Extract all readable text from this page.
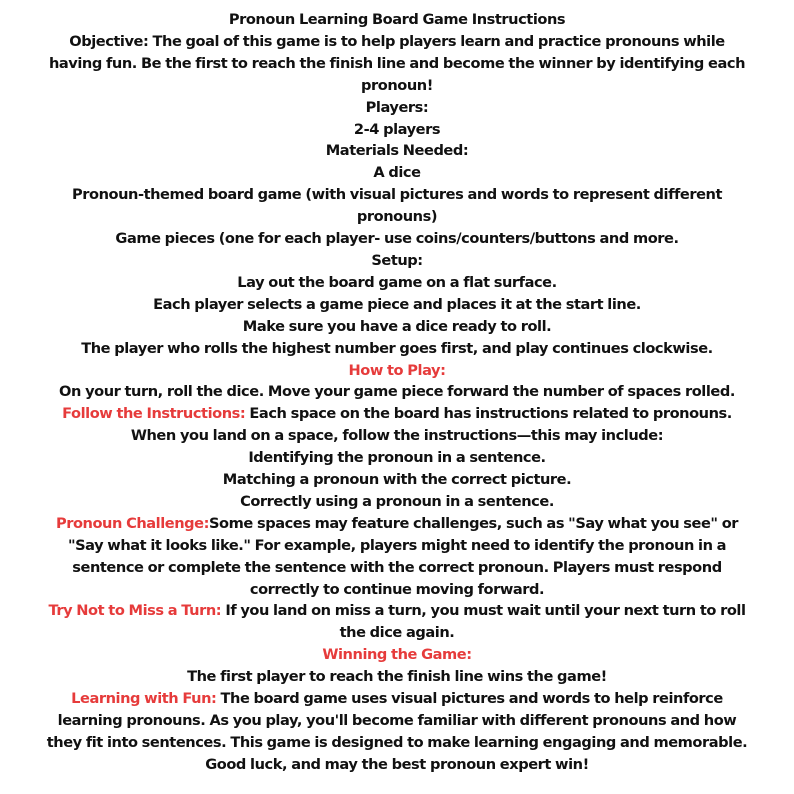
Pronoun Learning Board Game Instructions
Objective: The goal of this game is to help players learn and practice pronouns while having fun. Be the first to reach the finish line and become the winner by identifying each pronoun!
Players:
2-4 players
Materials Needed:
A dice
Pronoun-themed board game (with visual pictures and words to represent different pronouns)
Game pieces (one for each player- use coins/counters/buttons and more.
Setup:
Lay out the board game on a flat surface.
Each player selects a game piece and places it at the start line.
Make sure you have a dice ready to roll.
The player who rolls the highest number goes first, and play continues clockwise.
How to Play:
On your turn, roll the dice. Move your game piece forward the number of spaces rolled.
Follow the Instructions: Each space on the board has instructions related to pronouns.
When you land on a space, follow the instructions—this may include:
Identifying the pronoun in a sentence.
Matching a pronoun with the correct picture.
Correctly using a pronoun in a sentence.
Pronoun Challenge:Some spaces may feature challenges, such as "Say what you see" or "Say what it looks like." For example, players might need to identify the pronoun in a sentence or complete the sentence with the correct pronoun. Players must respond correctly to continue moving forward.
Try Not to Miss a Turn: If you land on miss a turn, you must wait until your next turn to roll the dice again.
Winning the Game:
The first player to reach the finish line wins the game!
Learning with Fun: The board game uses visual pictures and words to help reinforce learning pronouns. As you play, you'll become familiar with different pronouns and how they fit into sentences. This game is designed to make learning engaging and memorable.
Good luck, and may the best pronoun expert win!
